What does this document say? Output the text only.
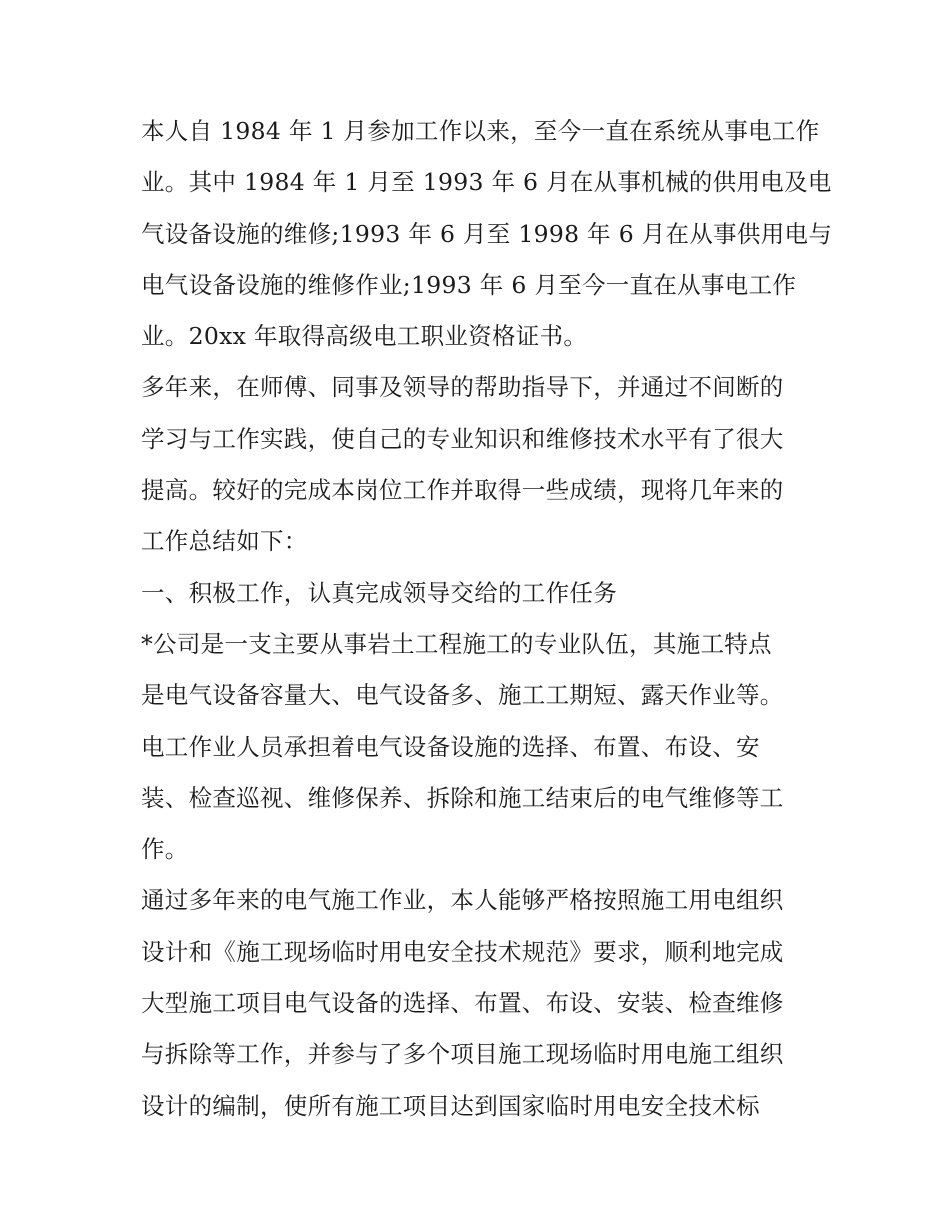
本人自 1984 年 1 月参加工作以来，至今一直在系统从事电工作
业。其中 1984 年 1 月至 1993 年 6 月在从事机械的供用电及电
气设备设施的维修;1993 年 6 月至 1998 年 6 月在从事供用电与
电气设备设施的维修作业;1993 年 6 月至今一直在从事电工作
业。20xx 年取得高级电工职业资格证书。
多年来，在师傅、同事及领导的帮助指导下，并通过不间断的
学习与工作实践，使自己的专业知识和维修技术水平有了很大
提高。较好的完成本岗位工作并取得一些成绩，现将几年来的
工作总结如下：
一、积极工作，认真完成领导交给的工作任务
*公司是一支主要从事岩土工程施工的专业队伍，其施工特点
是电气设备容量大、电气设备多、施工工期短、露天作业等。
电工作业人员承担着电气设备设施的选择、布置、布设、安
装、检查巡视、维修保养、拆除和施工结束后的电气维修等工
作。
通过多年来的电气施工作业，本人能够严格按照施工用电组织
设计和《施工现场临时用电安全技术规范》要求，顺利地完成
大型施工项目电气设备的选择、布置、布设、安装、检查维修
与拆除等工作，并参与了多个项目施工现场临时用电施工组织
设计的编制，使所有施工项目达到国家临时用电安全技术标
